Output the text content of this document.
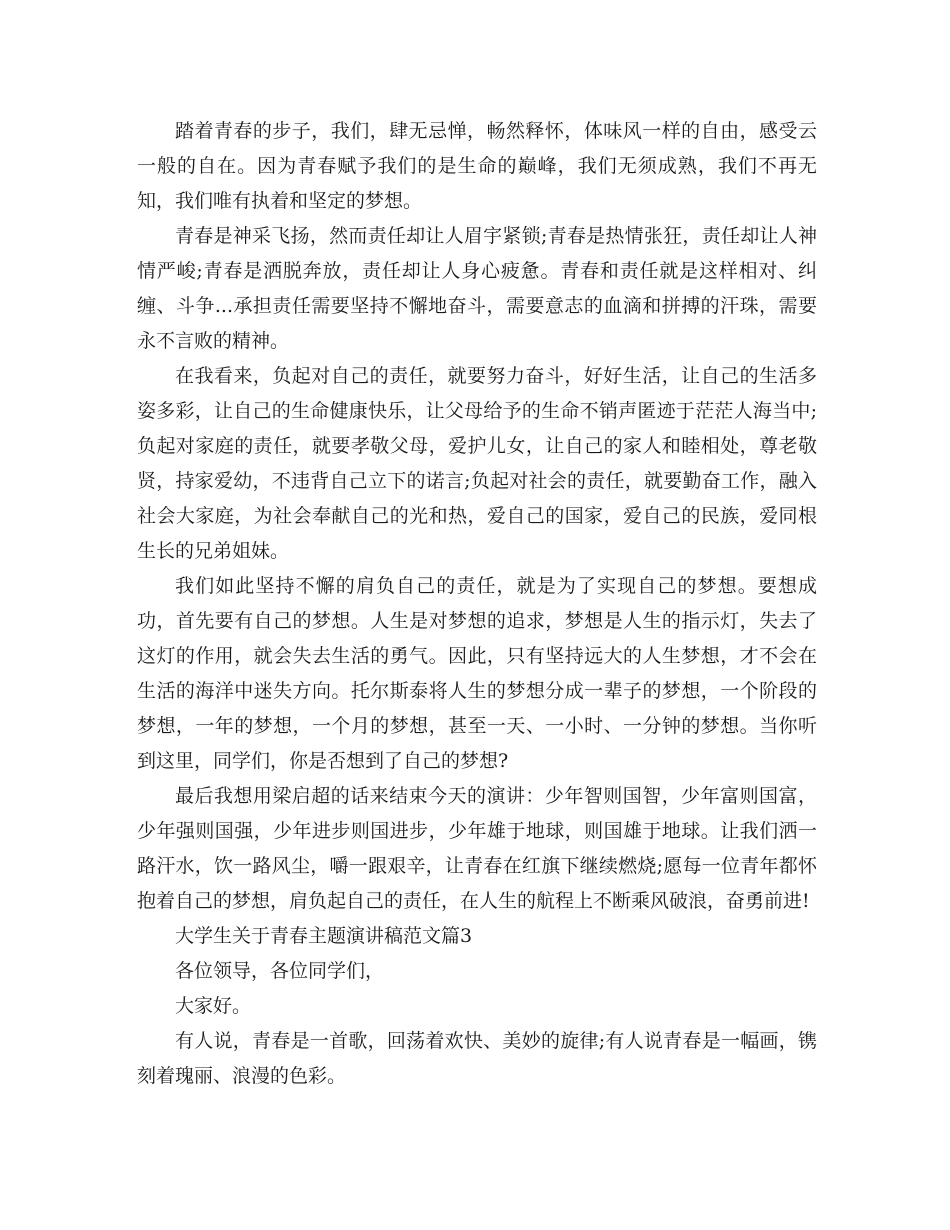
踏着青春的步子，我们，肆无忌惮，畅然释怀，体味风一样的自由，感受云一般的自在。因为青春赋予我们的是生命的巅峰，我们无须成熟，我们不再无知，我们唯有执着和坚定的梦想。

青春是神采飞扬，然而责任却让人眉宇紧锁;青春是热情张狂，责任却让人神情严峻;青春是洒脱奔放，责任却让人身心疲惫。青春和责任就是这样相对、纠缠、斗争...承担责任需要坚持不懈地奋斗，需要意志的血滴和拼搏的汗珠，需要永不言败的精神。

在我看来，负起对自己的责任，就要努力奋斗，好好生活，让自己的生活多姿多彩，让自己的生命健康快乐，让父母给予的生命不销声匿迹于茫茫人海当中;负起对家庭的责任，就要孝敬父母，爱护儿女，让自己的家人和睦相处，尊老敬贤，持家爱幼，不违背自己立下的诺言;负起对社会的责任，就要勤奋工作，融入社会大家庭，为社会奉献自己的光和热，爱自己的国家，爱自己的民族，爱同根生长的兄弟姐妹。

我们如此坚持不懈的肩负自己的责任，就是为了实现自己的梦想。要想成功，首先要有自己的梦想。人生是对梦想的追求，梦想是人生的指示灯，失去了这灯的作用，就会失去生活的勇气。因此，只有坚持远大的人生梦想，才不会在生活的海洋中迷失方向。托尔斯泰将人生的梦想分成一辈子的梦想，一个阶段的梦想，一年的梦想，一个月的梦想，甚至一天、一小时、一分钟的梦想。当你听到这里，同学们，你是否想到了自己的梦想?

最后我想用梁启超的话来结束今天的演讲：少年智则国智，少年富则国富，少年强则国强，少年进步则国进步，少年雄于地球，则国雄于地球。让我们洒一路汗水，饮一路风尘，嚼一跟艰辛，让青春在红旗下继续燃烧;愿每一位青年都怀抱着自己的梦想，肩负起自己的责任，在人生的航程上不断乘风破浪，奋勇前进!

大学生关于青春主题演讲稿范文篇3

各位领导，各位同学们，

大家好。

有人说，青春是一首歌，回荡着欢快、美妙的旋律;有人说青春是一幅画，镌刻着瑰丽、浪漫的色彩。
